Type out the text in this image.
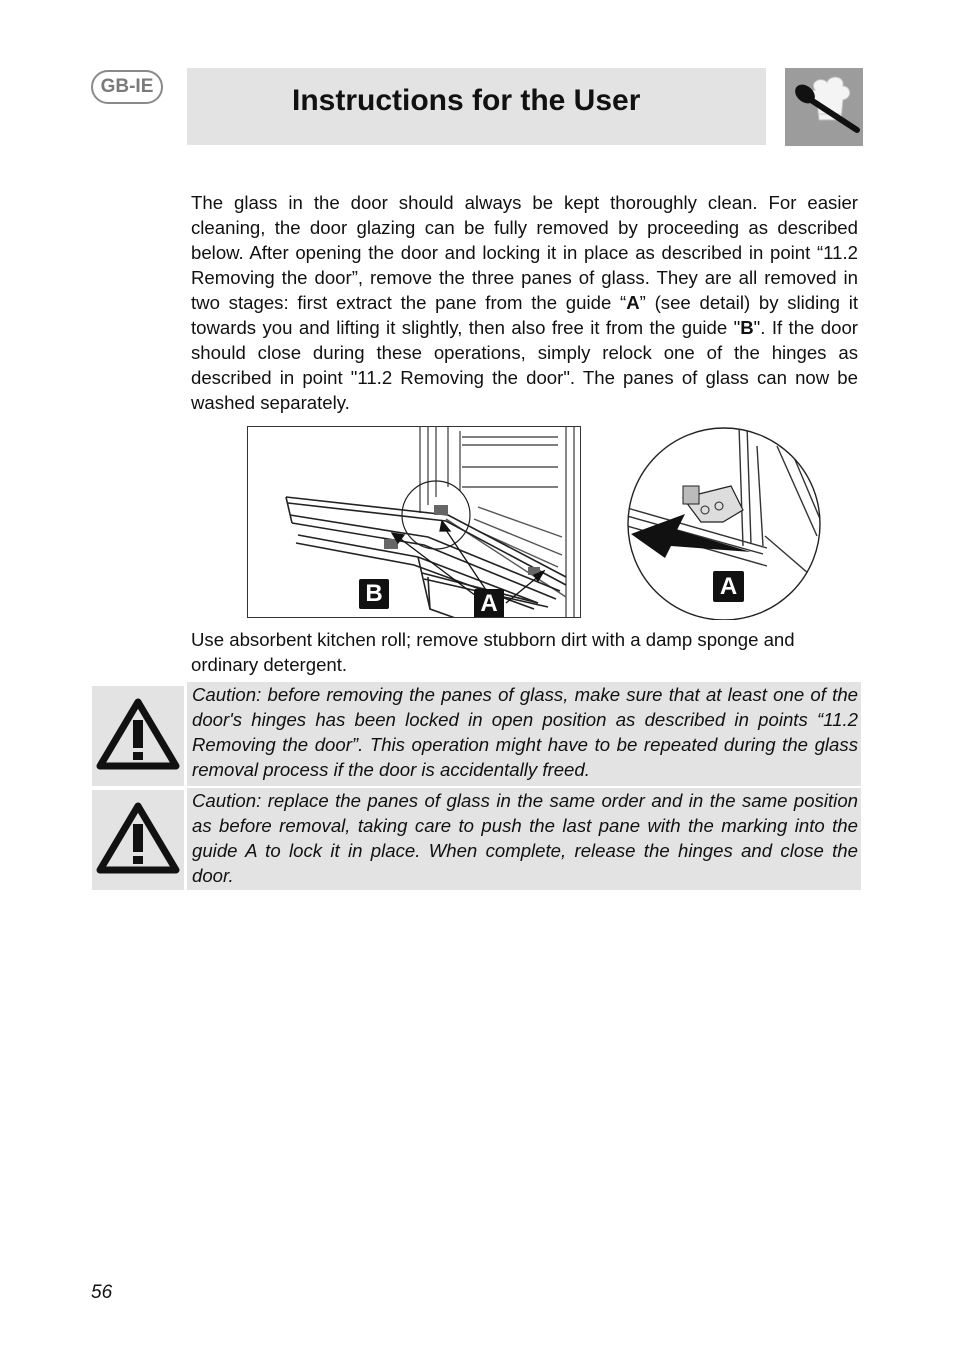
GB-IE	Instructions for the User

The glass in the door should always be kept thoroughly clean. For easier cleaning, the door glazing can be fully removed by proceeding as described below. After opening the door and locking it in place as described in point “11.2 Removing the door”, remove the three panes of glass. They are all removed in two stages: first extract the pane from the guide “A” (see detail) by sliding it towards you and lifting it slightly, then also free it from the guide "B". If the door should close during these operations, simply relock one of the hinges as described in point "11.2 Removing the door". The panes of glass can now be washed separately.

B	A
A

Use absorbent kitchen roll; remove stubborn dirt with a damp sponge and ordinary detergent.

Caution: before removing the panes of glass, make sure that at least one of the door's hinges has been locked in open position as described in points “11.2 Removing the door”. This operation might have to be repeated during the glass removal process if the door is accidentally freed.

Caution: replace the panes of glass in the same order and in the same position as before removal, taking care to push the last pane with the marking into the guide A to lock it in place. When complete, release the hinges and close the door.

56
